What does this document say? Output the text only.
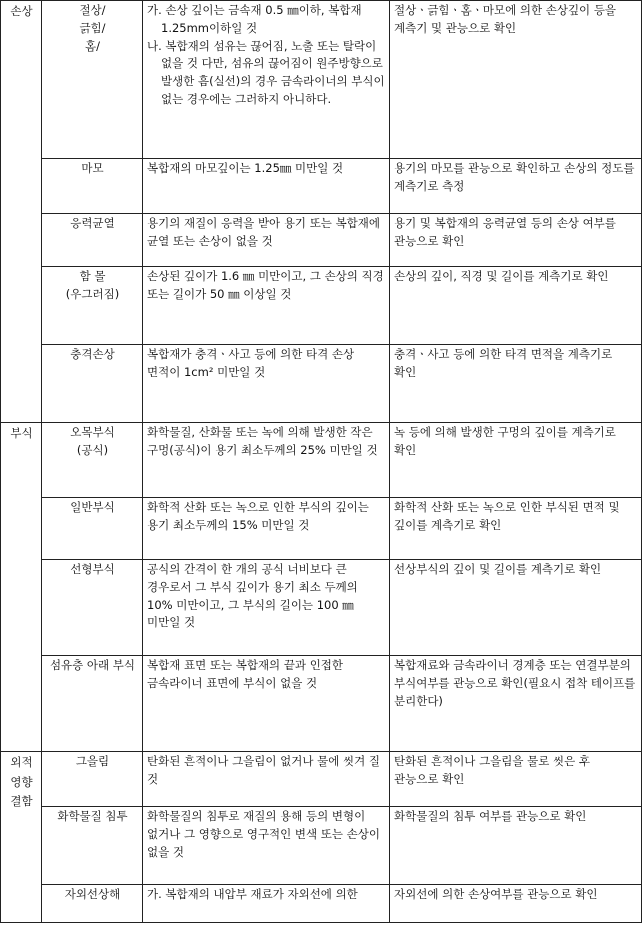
손상	절상/
긁힘/
홈/	가. 손상 깊이는 금속재 0.5 ㎜이하, 복합재 1.25mm이하일 것
나. 복합재의 섬유는 끊어짐, 노출 또는 탈락이 없을 것 다만, 섬유의 끊어짐이 원주방향으로 발생한 흠(실선)의 경우 금속라이너의 부식이 없는 경우에는 그러하지 아니하다.	절상ㆍ긁힘ㆍ홈ㆍ마모에 의한 손상깊이 등을 계측기 및 관능으로 확인
	마모	복합재의 마모깊이는 1.25㎜ 미만일 것	용기의 마모를 관능으로 확인하고 손상의 정도를 계측기로 측정
	응력균열	용기의 재질이 응력을 받아 용기 또는 복합재에 균열 또는 손상이 없을 것	용기 및 복합재의 응력균열 등의 손상 여부를 관능으로 확인
	함 몰
(우그러짐)	손상된 깊이가 1.6 ㎜ 미만이고, 그 손상의 직경 또는 길이가 50 ㎜ 이상일 것	손상의 깊이, 직경 및 길이를 계측기로 확인
	충격손상	복합재가 충격ㆍ사고 등에 의한 타격 손상 면적이 1cm² 미만일 것	충격ㆍ사고 등에 의한 타격 면적을 계측기로 확인
부식	오목부식
(공식)	화학물질, 산화물 또는 녹에 의해 발생한 작은 구멍(공식)이 용기 최소두께의 25% 미만일 것	녹 등에 의해 발생한 구멍의 깊이를 계측기로 확인
	일반부식	화학적 산화 또는 녹으로 인한 부식의 깊이는 용기 최소두께의 15% 미만일 것	화학적 산화 또는 녹으로 인한 부식된 면적 및 깊이를 계측기로 확인
	선형부식	공식의 간격이 한 개의 공식 너비보다 큰 경우로서 그 부식 깊이가 용기 최소 두께의 10% 미만이고, 그 부식의 길이는 100 ㎜ 미만일 것	선상부식의 깊이 및 길이를 계측기로 확인
	섬유층 아래 부식	복합재 표면 또는 복합재의 끝과 인접한 금속라이너 표면에 부식이 없을 것	복합재료와 금속라이너 경계층 또는 연결부분의 부식여부를 관능으로 확인(필요시 접착 테이프를 분리한다)
외적
영향
결함	그을림	탄화된 흔적이나 그을림이 없거나 물에 씻겨 질 것	탄화된 흔적이나 그을림을 물로 씻은 후 관능으로 확인
	화학물질 침투	화학물질의 침투로 재질의 용해 등의 변형이 없거나 그 영향으로 영구적인 변색 또는 손상이 없을 것	화학물질의 침투 여부를 관능으로 확인
	자외선상해	가. 복합재의 내압부 재료가 자외선에 의한	자외선에 의한 손상여부를 관능으로 확인
